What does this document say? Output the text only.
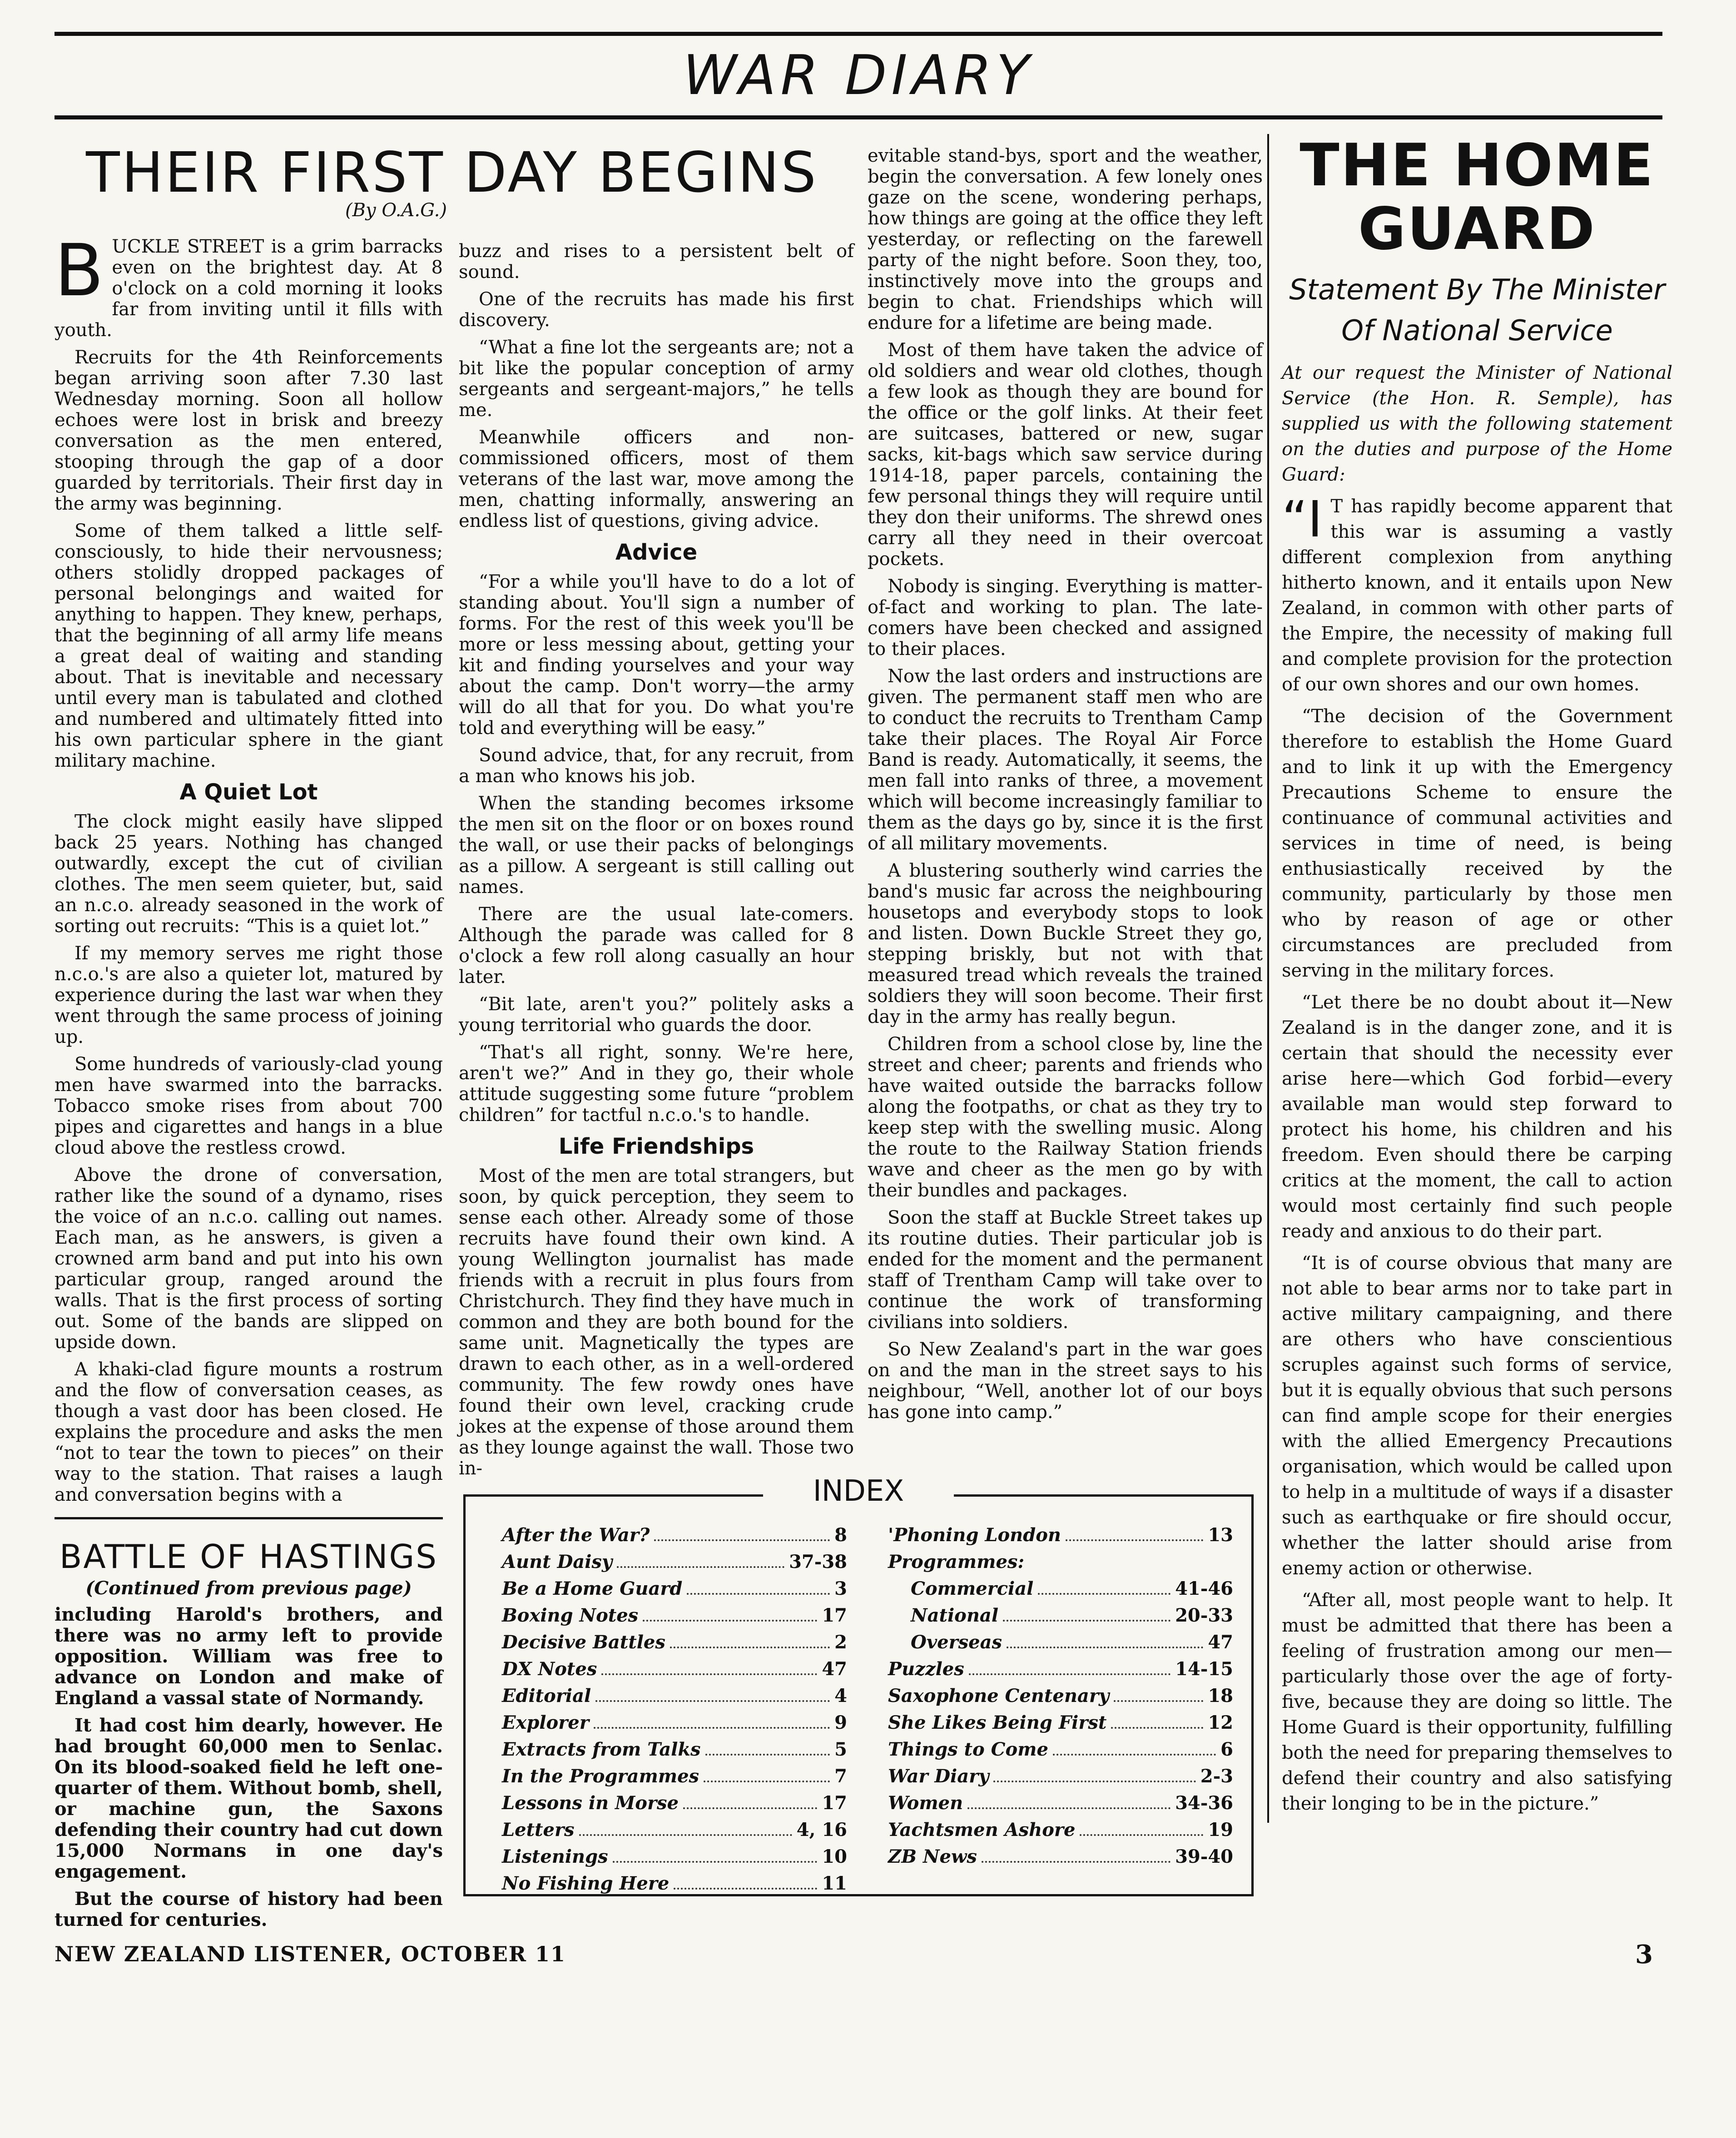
WAR DIARY
THEIR FIRST DAY BEGINS
(By O.A.G.)

BUCKLE STREET is a grim barracks even on the brightest day. At 8 o'clock on a cold morning it looks far from inviting until it fills with youth.

Recruits for the 4th Reinforcements began arriving soon after 7.30 last Wednesday morning. Soon all hollow echoes were lost in brisk and breezy conversation as the men entered, stooping through the gap of a door guarded by territorials. Their first day in the army was beginning.

Some of them talked a little self-consciously, to hide their nervousness; others stolidly dropped packages of personal belongings and waited for anything to happen. They knew, perhaps, that the beginning of all army life means a great deal of waiting and standing about. That is inevitable and necessary until every man is tabulated and clothed and numbered and ultimately fitted into his own particular sphere in the giant military machine.

A Quiet Lot

The clock might easily have slipped back 25 years. Nothing has changed outwardly, except the cut of civilian clothes. The men seem quieter, but, said an n.c.o. already seasoned in the work of sorting out recruits: “This is a quiet lot.”

If my memory serves me right those n.c.o.'s are also a quieter lot, matured by experience during the last war when they went through the same process of joining up.

Some hundreds of variously-clad young men have swarmed into the barracks. Tobacco smoke rises from about 700 pipes and cigarettes and hangs in a blue cloud above the restless crowd.

Above the drone of conversation, rather like the sound of a dynamo, rises the voice of an n.c.o. calling out names. Each man, as he answers, is given a crowned arm band and put into his own particular group, ranged around the walls. That is the first process of sorting out. Some of the bands are slipped on upside down.

A khaki-clad figure mounts a rostrum and the flow of conversation ceases, as though a vast door has been closed. He explains the procedure and asks the men “not to tear the town to pieces” on their way to the station. That raises a laugh and conversation begins with a

buzz and rises to a persistent belt of sound.

One of the recruits has made his first discovery.

“What a fine lot the sergeants are; not a bit like the popular conception of army sergeants and sergeant-majors,” he tells me.

Meanwhile officers and non-commissioned officers, most of them veterans of the last war, move among the men, chatting informally, answering an endless list of questions, giving advice.

Advice

“For a while you'll have to do a lot of standing about. You'll sign a number of forms. For the rest of this week you'll be more or less messing about, getting your kit and finding yourselves and your way about the camp. Don't worry—the army will do all that for you. Do what you're told and everything will be easy.”

Sound advice, that, for any recruit, from a man who knows his job.

When the standing becomes irksome the men sit on the floor or on boxes round the wall, or use their packs of belongings as a pillow. A sergeant is still calling out names.

There are the usual late-comers. Although the parade was called for 8 o'clock a few roll along casually an hour later.

“Bit late, aren't you?” politely asks a young territorial who guards the door.

“That's all right, sonny. We're here, aren't we?” And in they go, their whole attitude suggesting some future “problem children” for tactful n.c.o.'s to handle.

Life Friendships

Most of the men are total strangers, but soon, by quick perception, they seem to sense each other. Already some of those recruits have found their own kind. A young Wellington journalist has made friends with a recruit in plus fours from Christchurch. They find they have much in common and they are both bound for the same unit. Magnetically the types are drawn to each other, as in a well-ordered community. The few rowdy ones have found their own level, cracking crude jokes at the expense of those around them as they lounge against the wall. Those two in-

evitable stand-bys, sport and the weather, begin the conversation. A few lonely ones gaze on the scene, wondering perhaps, how things are going at the office they left yesterday, or reflecting on the farewell party of the night before. Soon they, too, instinctively move into the groups and begin to chat. Friendships which will endure for a lifetime are being made.

Most of them have taken the advice of old soldiers and wear old clothes, though a few look as though they are bound for the office or the golf links. At their feet are suitcases, battered or new, sugar sacks, kit-bags which saw service during 1914-18, paper parcels, containing the few personal things they will require until they don their uniforms. The shrewd ones carry all they need in their overcoat pockets.

Nobody is singing. Everything is matter-of-fact and working to plan. The late-comers have been checked and assigned to their places.

Now the last orders and instructions are given. The permanent staff men who are to conduct the recruits to Trentham Camp take their places. The Royal Air Force Band is ready. Automatically, it seems, the men fall into ranks of three, a movement which will become increasingly familiar to them as the days go by, since it is the first of all military movements.

A blustering southerly wind carries the band's music far across the neighbouring housetops and everybody stops to look and listen. Down Buckle Street they go, stepping briskly, but not with that measured tread which reveals the trained soldiers they will soon become. Their first day in the army has really begun.

Children from a school close by, line the street and cheer; parents and friends who have waited outside the barracks follow along the footpaths, or chat as they try to keep step with the swelling music. Along the route to the Railway Station friends wave and cheer as the men go by with their bundles and packages.

Soon the staff at Buckle Street takes up its routine duties. Their particular job is ended for the moment and the permanent staff of Trentham Camp will take over to continue the work of transforming civilians into soldiers.

So New Zealand's part in the war goes on and the man in the street says to his neighbour, “Well, another lot of our boys has gone into camp.”

THE HOME
GUARD
Statement By The Minister
Of National Service

At our request the Minister of National Service (the Hon. R. Semple), has supplied us with the following statement on the duties and purpose of the Home Guard:

“I T has rapidly become apparent that this war is assuming a vastly different complexion from anything hitherto known, and it entails upon New Zealand, in common with other parts of the Empire, the necessity of making full and complete provision for the protection of our own shores and our own homes.

“The decision of the Government therefore to establish the Home Guard and to link it up with the Emergency Precautions Scheme to ensure the continuance of communal activities and services in time of need, is being enthusiastically received by the community, particularly by those men who by reason of age or other circumstances are precluded from serving in the military forces.

“Let there be no doubt about it—New Zealand is in the danger zone, and it is certain that should the necessity ever arise here—which God forbid—every available man would step forward to protect his home, his children and his freedom. Even should there be carping critics at the moment, the call to action would most certainly find such people ready and anxious to do their part.

“It is of course obvious that many are not able to bear arms nor to take part in active military campaigning, and there are others who have conscientious scruples against such forms of service, but it is equally obvious that such persons can find ample scope for their energies with the allied Emergency Precautions organisation, which would be called upon to help in a multitude of ways if a disaster such as earthquake or fire should occur, whether the latter should arise from enemy action or otherwise.

“After all, most people want to help. It must be admitted that there has been a feeling of frustration among our men—particularly those over the age of forty-five, because they are doing so little. The Home Guard is their opportunity, fulfilling both the need for preparing themselves to defend their country and also satisfying their longing to be in the picture.”

BATTLE OF HASTINGS
(Continued from previous page)

including Harold's brothers, and there was no army left to provide opposition. William was free to advance on London and make of England a vassal state of Normandy.

It had cost him dearly, however. He had brought 60,000 men to Senlac. On its blood-soaked field he left one-quarter of them. Without bomb, shell, or machine gun, the Saxons defending their country had cut down 15,000 Normans in one day's engagement.

But the course of history had been turned for centuries.

INDEX
After the War?	8
Aunt Daisy	37-38
Be a Home Guard	3
Boxing Notes	17
Decisive Battles	2
DX Notes	47
Editorial	4
Explorer	9
Extracts from Talks	5
In the Programmes	7
Lessons in Morse	17
Letters	4, 16
Listenings	10
No Fishing Here	11
'Phoning London	13
Programmes:
Commercial	41-46
National	20-33
Overseas	47
Puzzles	14-15
Saxophone Centenary	18
She Likes Being First	12
Things to Come	6
War Diary	2-3
Women	34-36
Yachtsmen Ashore	19
ZB News	39-40
NEW ZEALAND LISTENER, OCTOBER 11	3
